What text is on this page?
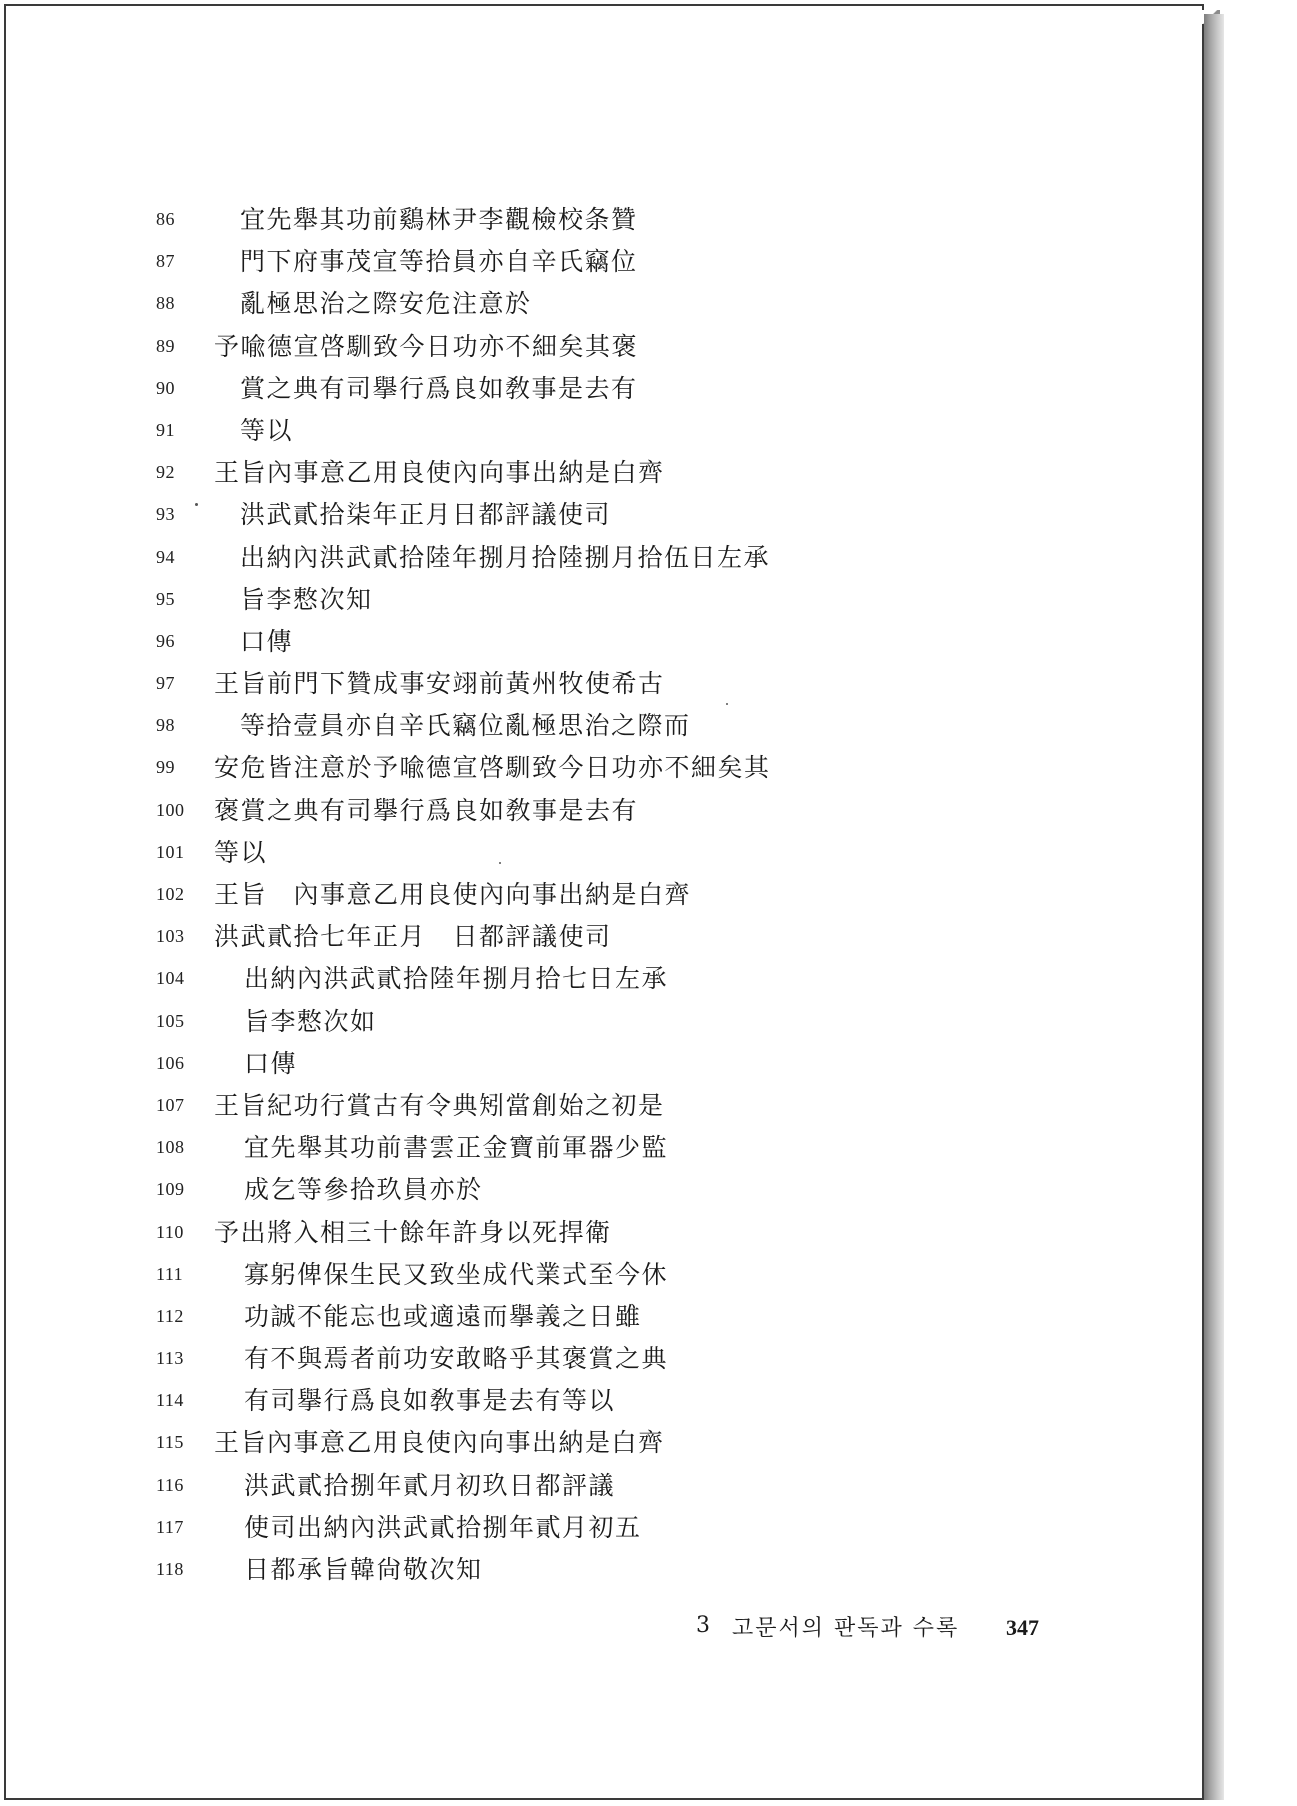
86	宜先舉其功前鷄林尹李觀檢校条贊
87	門下府事茂宣等拾員亦自辛氏竊位
88	亂極思治之際安危注意於
89	予喩德宣啓馴致今日功亦不細矣其褒
90	賞之典有司擧行爲良如敎事是去有
91	等以
92	王旨內事意乙用良使內向事出納是白齊
93	洪武貳拾柒年正月日都評議使司
94	出納內洪武貳拾陸年捌月拾陸捌月拾伍日左承
95	旨李慗次知
96	口傳
97	王旨前門下贊成事安翊前黃州牧使希古
98	等拾壹員亦自辛氏竊位亂極思治之際而
99	安危皆注意於予喩德宣啓馴致今日功亦不細矣其
100	褒賞之典有司擧行爲良如敎事是去有
101	等以
102	王旨　內事意乙用良使內向事出納是白齊
103	洪武貳拾七年正月　日都評議使司
104	出納內洪武貳拾陸年捌月拾七日左承
105	旨李慗次如
106	口傳
107	王旨紀功行賞古有令典矧當創始之初是
108	宜先舉其功前書雲正金寶前軍器少監
109	成乞等參拾玖員亦於
110	予出將入相三十餘年許身以死捍衛
111	寡躬俾保生民又致坐成代業式至今休
112	功誠不能忘也或適遠而擧義之日雖
113	有不與焉者前功安敢略乎其褒賞之典
114	有司擧行爲良如敎事是去有等以
115	王旨內事意乙用良使內向事出納是白齊
116	洪武貳拾捌年貳月初玖日都評議
117	使司出納內洪武貳拾捌年貳月初五
118	日都承旨韓尙敬次知
3 고문서의 판독과 수록 347
